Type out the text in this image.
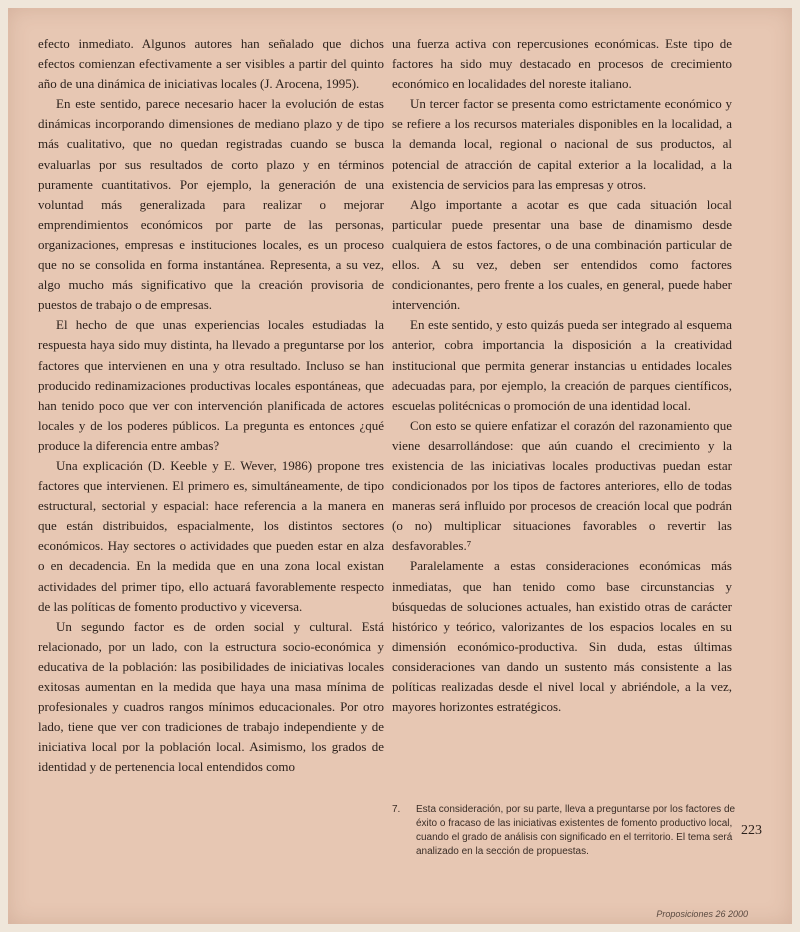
efecto inmediato. Algunos autores han señalado que dichos efectos comienzan efectivamente a ser visibles a partir del quinto año de una dinámica de iniciativas locales (J. Arocena, 1995).

En este sentido, parece necesario hacer la evolución de estas dinámicas incorporando dimensiones de mediano plazo y de tipo más cualitativo, que no quedan registradas cuando se busca evaluarlas por sus resultados de corto plazo y en términos puramente cuantitativos. Por ejemplo, la generación de una voluntad más generalizada para realizar o mejorar emprendimientos económicos por parte de las personas, organizaciones, empresas e instituciones locales, es un proceso que no se consolida en forma instantánea. Representa, a su vez, algo mucho más significativo que la creación provisoria de puestos de trabajo o de empresas.

El hecho de que unas experiencias locales estudiadas la respuesta haya sido muy distinta, ha llevado a preguntarse por los factores que intervienen en una y otra resultado. Incluso se han producido redinamizaciones productivas locales espontáneas, que han tenido poco que ver con intervención planificada de actores locales y de los poderes públicos. La pregunta es entonces ¿qué produce la diferencia entre ambas?

Una explicación (D. Keeble y E. Wever, 1986) propone tres factores que intervienen. El primero es, simultáneamente, de tipo estructural, sectorial y espacial: hace referencia a la manera en que están distribuidos, espacialmente, los distintos sectores económicos. Hay sectores o actividades que pueden estar en alza o en decadencia. En la medida que en una zona local existan actividades del primer tipo, ello actuará favorablemente respecto de las políticas de fomento productivo y viceversa.

Un segundo factor es de orden social y cultural. Está relacionado, por un lado, con la estructura socio-económica y educativa de la población: las posibilidades de iniciativas locales exitosas aumentan en la medida que haya una masa mínima de profesionales y cuadros rangos mínimos educacionales. Por otro lado, tiene que ver con tradiciones de trabajo independiente y de iniciativa local por la población local. Asimismo, los grados de identidad y de pertenencia local entendidos como

una fuerza activa con repercusiones económicas. Este tipo de factores ha sido muy destacado en procesos de crecimiento económico en localidades del noreste italiano.

Un tercer factor se presenta como estrictamente económico y se refiere a los recursos materiales disponibles en la localidad, a la demanda local, regional o nacional de sus productos, al potencial de atracción de capital exterior a la localidad, a la existencia de servicios para las empresas y otros.

Algo importante a acotar es que cada situación local particular puede presentar una base de dinamismo desde cualquiera de estos factores, o de una combinación particular de ellos. A su vez, deben ser entendidos como factores condicionantes, pero frente a los cuales, en general, puede haber intervención.

En este sentido, y esto quizás pueda ser integrado al esquema anterior, cobra importancia la disposición a la creatividad institucional que permita generar instancias u entidades locales adecuadas para, por ejemplo, la creación de parques científicos, escuelas politécnicas o promoción de una identidad local.

Con esto se quiere enfatizar el corazón del razonamiento que viene desarrollándose: que aún cuando el crecimiento y la existencia de las iniciativas locales productivas puedan estar condicionados por los tipos de factores anteriores, ello de todas maneras será influido por procesos de creación local que podrán (o no) multiplicar situaciones favorables o revertir las desfavorables.⁷

Paralelamente a estas consideraciones económicas más inmediatas, que han tenido como base circunstancias y búsquedas de soluciones actuales, han existido otras de carácter histórico y teórico, valorizantes de los espacios locales en su dimensión económico-productiva. Sin duda, estas últimas consideraciones van dando un sustento más consistente a las políticas realizadas desde el nivel local y abriéndole, a la vez, mayores horizontes estratégicos.

7. Esta consideración, por su parte, lleva a preguntarse por los factores de éxito o fracaso de las iniciativas existentes de fomento productivo local, cuando el grado de análisis con significado en el territorio. El tema será analizado en la sección de propuestas.
223
Proposiciones 26 2000
